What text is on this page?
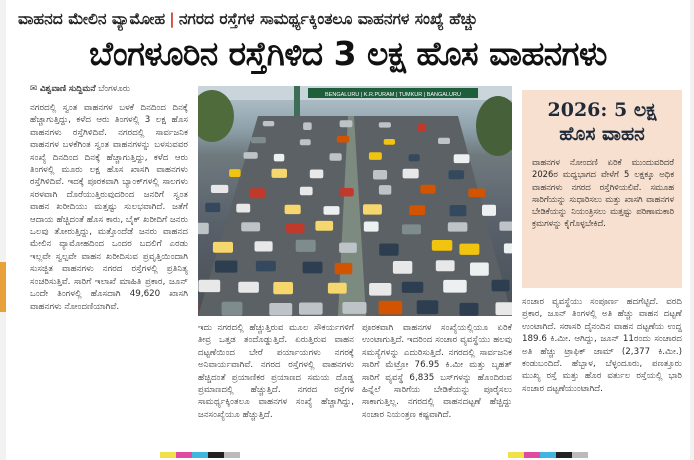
ವಾಹನದ ಮೇಲಿನ ವ್ಯಾಮೋಹ | ನಗರದ ರಸ್ತೆಗಳ ಸಾಮರ್ಥ್ಯಕ್ಕಿಂತಲೂ ವಾಹನಗಳ ಸಂಖ್ಯೆ ಹೆಚ್ಚು
ಬೆಂಗಳೂರಿನ ರಸ್ತೆಗಿಳಿದ 3 ಲಕ್ಷ ಹೊಸ ವಾಹನಗಳು
✉ ವಿಶ್ವವಾಣಿ ಸುದ್ದಿಮನೆ ಬೆಂಗಳೂರು

ನಗರದಲ್ಲಿ ಸ್ವಂತ ವಾಹನಗಳ ಬಳಕೆ ದಿನದಿಂದ ದಿನಕ್ಕೆ ಹೆಚ್ಚಾಗುತ್ತಿದ್ದು, ಕಳೆದ ಆರು ತಿಂಗಳಲ್ಲಿ 3 ಲಕ್ಷ ಹೊಸ ವಾಹನಗಳು ರಸ್ತೆಗಿಳಿದಿವೆ. ನಗರದಲ್ಲಿ ಸಾರ್ವಜನಿಕ ವಾಹನಗಳ ಬಳಕೆಗಿಂತ ಸ್ವಂತ ವಾಹನಗಳನ್ನು ಬಳಸುವವರ ಸಂಖ್ಯೆ ದಿನದಿಂದ ದಿನಕ್ಕೆ ಹೆಚ್ಚಾಗುತ್ತಿದ್ದು, ಕಳೆದ ಆರು ತಿಂಗಳಲ್ಲಿ ಮೂರು ಲಕ್ಷ ಹೊಸ ಖಾಸಗಿ ವಾಹನಗಳು ರಸ್ತೆಗಿಳಿದಿವೆ. ಇದಕ್ಕೆ ಪೂರಕವಾಗಿ ಬ್ಯಾಂಕ್‌ಗಳಲ್ಲಿ ಸಾಲಗಳು ಸರಳವಾಗಿ ದೊರೆಯುತ್ತಿರುವುದರಿಂದ ಜನರಿಗೆ ಸ್ವಂತ ವಾಹನ ಖರೀದಿಯು ಮತ್ತಷ್ಟು ಸುಲಭವಾಗಿದೆ. ಜತೆಗೆ ಆದಾಯ ಹೆಚ್ಚಿದಂತೆ ಹೊಸ ಕಾರು, ಬೈಕ್ ಖರೀದಿಗೆ ಜನರು ಒಲವು ತೋರುತ್ತಿದ್ದು, ಮತ್ತೊಂದೆಡೆ ಜನರು ವಾಹನದ ಮೇಲಿನ ವ್ಯಾಮೋಹದಿಂದ ಒಂದರ ಬದಲಿಗೆ ಎರಡು ಇಲ್ಲವೇ ಸ್ವಲ್ಪವೇ ವಾಹನ ಖರೀದಿಸುವ ಪ್ರವೃತ್ತಿಯಿಂದಾಗಿ ಸುಸಜ್ಜಿತ ವಾಹನಗಳು ನಗರದ ರಸ್ತೆಗಳಲ್ಲಿ ಪ್ರತಿನಿತ್ಯ ಸಂಚರಿಸುತ್ತಿವೆ. ಸಾರಿಗೆ ಇಲಾಖೆ ಮಾಹಿತಿ ಪ್ರಕಾರ, ಜೂನ್ ಒಂದೇ ತಿಂಗಳಲ್ಲಿ ಹೊಸದಾಗಿ 49,620 ಖಾಸಗಿ ವಾಹನಗಳು ನೋಂದಣಿಯಾಗಿವೆ.

BENGALURU | K.R.PURAM | TUMKUR | BANGALURU

ಇದು ನಗರದಲ್ಲಿ ಹೆಚ್ಚುತ್ತಿರುವ ಮೂಲ ಸೌಕರ್ಯಗಳಿಗೆ ತೀವ್ರ ಒತ್ತಡ ತಂದೊಡ್ಡುತ್ತಿದೆ. ಏರುತ್ತಿರುವ ವಾಹನ ದಟ್ಟಣೆಯಿಂದ ಬೇರೆ ಪರ್ಯಾಯಗಳು ನಗರಕ್ಕೆ ಅನಿವಾರ್ಯವಾಗಿವೆ. ನಗರದ ರಸ್ತೆಗಳಲ್ಲಿ ವಾಹನಗಳು ಹೆಚ್ಚಿದಂತೆ ಪ್ರಯಾಣಿಕರ ಪ್ರಯಾಣದ ಸಮಯ ದೊಡ್ಡ ಪ್ರಮಾಣದಲ್ಲಿ ಹೆಚ್ಚುತ್ತಿದೆ. ನಗರದ ರಸ್ತೆಗಳ ಸಾಮರ್ಥ್ಯಕ್ಕಿಂತಲೂ ವಾಹನಗಳ ಸಂಖ್ಯೆ ಹೆಚ್ಚಾಗಿದ್ದು, ಜನಸಂಖ್ಯೆಯೂ ಹೆಚ್ಚುತ್ತಿದೆ.

ಪೂರಕವಾಗಿ ವಾಹನಗಳ ಸಂಖ್ಯೆಯಲ್ಲಿಯೂ ಏರಿಕೆ ಉಂಟಾಗುತ್ತಿದೆ. ಇದರಿಂದ ಸಂಚಾರ ವ್ಯವಸ್ಥೆಯು ಹಲವು ಸಮಸ್ಯೆಗಳನ್ನು ಎದುರಿಸುತ್ತಿದೆ. ನಗರದಲ್ಲಿ ಸಾರ್ವಜನಿಕ ಸಾರಿಗೆ ಮೆಟ್ರೋ 76.95 ಕಿ.ಮೀ ಮತ್ತು ಬೃಹತ್ ಸಾರಿಗೆ ವ್ಯವಸ್ಥೆ 6,835 ಬಸ್‌ಗಳನ್ನು ಹೊಂದಿರುವ ಹಿನ್ನೆಲೆ ಸಾರಿಗೆಯ ಬೇಡಿಕೆಯನ್ನು ಪೂರೈಸಲು ಸಾಕಾಗುತ್ತಿಲ್ಲ. ನಗರದಲ್ಲಿ ವಾಹನದಟ್ಟಣೆ ಹೆಚ್ಚಿದ್ದು ಸಂಚಾರ ನಿಯಂತ್ರಣ ಕಷ್ಟವಾಗಿದೆ.

2026: 5 ಲಕ್ಷ
ಹೊಸ ವಾಹನ
ವಾಹನಗಳ ನೋಂದಣಿ ಏರಿಕೆ ಮುಂದುವರಿದರೆ 2026ರ ಮಧ್ಯಭಾಗದ ವೇಳೆಗೆ 5 ಲಕ್ಷಕ್ಕೂ ಅಧಿಕ ವಾಹನಗಳು ನಗರದ ರಸ್ತೆಗಿಳಿಯಲಿವೆ. ಸಮೂಹ ಸಾರಿಗೆಯನ್ನು ಸುಧಾರಿಸಲು ಮತ್ತು ಖಾಸಗಿ ವಾಹನಗಳ ಬೇಡಿಕೆಯನ್ನು ನಿಯಂತ್ರಿಸಲು ಮತ್ತಷ್ಟು ಪರಿಣಾಮಕಾರಿ ಕ್ರಮಗಳನ್ನು ಕೈಗೊಳ್ಳಬೇಕಿದೆ.

ಸಂಚಾರ ವ್ಯವಸ್ಥೆಯು ಸಂಪೂರ್ಣ ಹದಗೆಟ್ಟಿದೆ. ವರದಿ ಪ್ರಕಾರ, ಜೂನ್ ತಿಂಗಳಲ್ಲಿ ಅತಿ ಹೆಚ್ಚು ವಾಹನ ದಟ್ಟಣೆ ಉಂಟಾಗಿದೆ. ಸರಾಸರಿ ದೈನಂದಿನ ವಾಹನ ದಟ್ಟಣೆಯ ಉದ್ದ 189.6 ಕಿ.ಮೀ. ಆಗಿದ್ದು, ಜೂನ್ 11ರಂದು ಸಂಚಾರದ ಅತಿ ಹೆಚ್ಚು ಟ್ರಾಫಿಕ್ ಜಾಮ್ (2,377 ಕಿ.ಮೀ.) ಕಂಡುಬಂದಿದೆ. ಹೆಬ್ಬಾಳ, ಬೆಳ್ಳಂದೂರು, ಪಣತ್ತೂರು ಮುಖ್ಯ ರಸ್ತೆ ಮತ್ತು ಹೊರ ವರ್ತುಲ ರಸ್ತೆಯಲ್ಲಿ ಭಾರಿ ಸಂಚಾರ ದಟ್ಟಣೆಯುಂಟಾಗಿದೆ.
